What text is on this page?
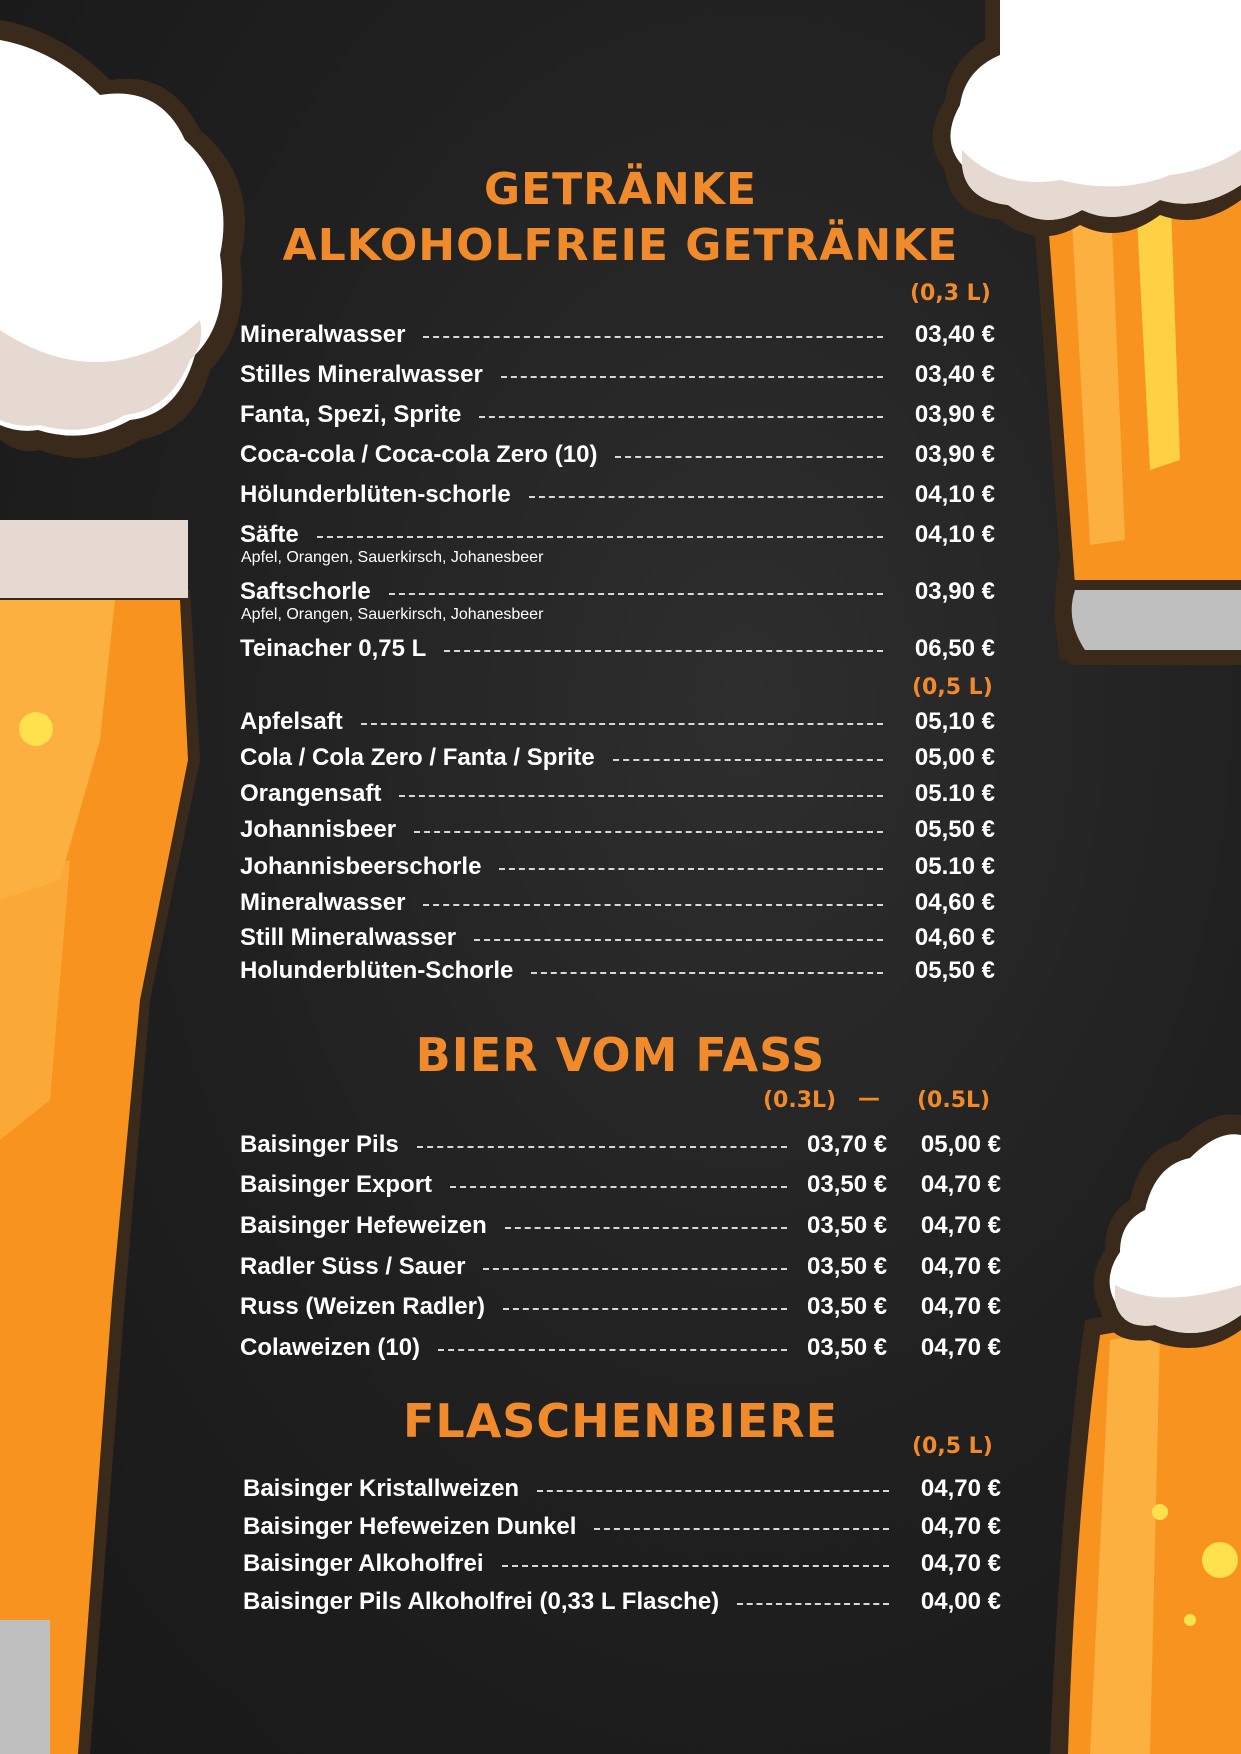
GETRÄNKE
ALKOHOLFREIE GETRÄNKE

(0,3 L)

Mineralwasser	03,40 €
Stilles Mineralwasser	03,40 €
Fanta, Spezi, Sprite	03,90 €
Coca-cola / Coca-cola Zero (10)	03,90 €
Hölunderblüten-schorle	04,10 €
Säfte	04,10 €
Apfel, Orangen, Sauerkirsch, Johanesbeer
Saftschorle	03,90 €
Apfel, Orangen, Sauerkirsch, Johanesbeer
Teinacher 0,75 L	06,50 €

(0,5 L)

Apfelsaft	05,10 €
Cola / Cola Zero / Fanta / Sprite	05,00 €
Orangensaft	05.10 €
Johannisbeer	05,50 €
Johannisbeerschorle	05.10 €
Mineralwasser	04,60 €
Still Mineralwasser	04,60 €
Holunderblüten-Schorle	05,50 €
BIER VOM FASS

(0.3L) — (0.5L)

Baisinger Pils	03,70 €	05,00 €
Baisinger Export	03,50 €	04,70 €
Baisinger Hefeweizen	03,50 €	04,70 €
Radler Süss / Sauer	03,50 €	04,70 €
Russ (Weizen Radler)	03,50 €	04,70 €
Colaweizen (10)	03,50 €	04,70 €
FLASCHENBIERE	(0,5 L)

Baisinger Kristallweizen	04,70 €
Baisinger Hefeweizen Dunkel	04,70 €
Baisinger Alkoholfrei	04,70 €
Baisinger Pils Alkoholfrei (0,33 L Flasche)	04,00 €
